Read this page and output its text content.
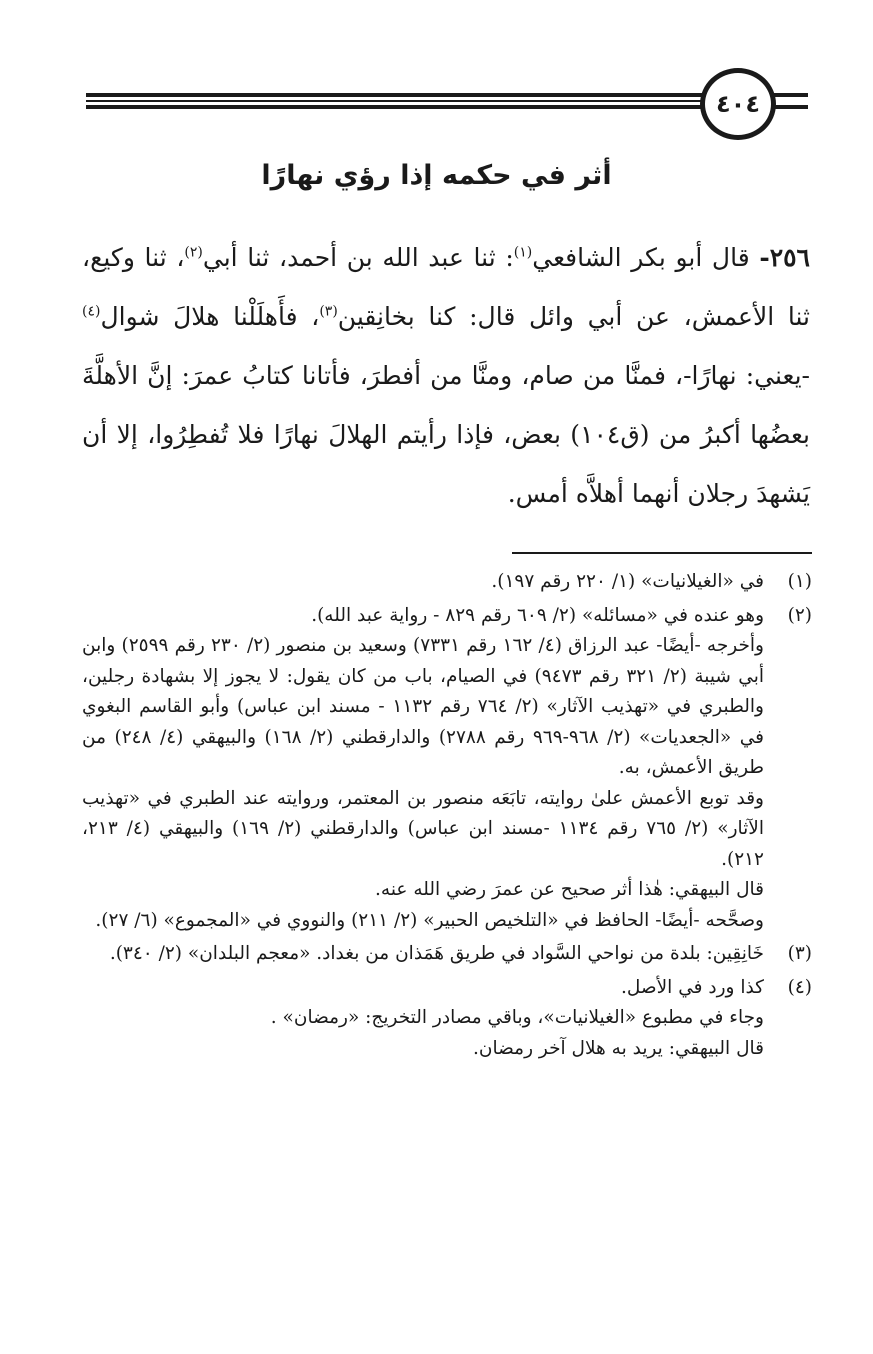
٤٠٤
أثر في حكمه إذا رؤي نهارًا

٢٥٦- قال أبو بكر الشافعي$^{(١)}$: ثنا عبد الله بن أحمد، ثنا أبي$^{(٢)}$، ثنا وكيع، ثنا الأعمش، عن أبي وائل قال: كنا بخانِقين$^{(٣)}$، فأَهلَلْنا هلالَ شوال$^{(٤)}$ -يعني: نهارًا-، فمنَّا من صام، ومنَّا من أفطرَ، فأتانا كتابُ عمرَ: إنَّ الأهلَّةَ بعضُها أكبرُ من (ق١٠٤) بعض، فإذا رأيتم الهلالَ نهارًا فلا تُفطِرُوا، إلا أن يَشهدَ رجلان أنهما أهلاَّه أمس.

(١)
في «الغيلانيات» (١/ ٢٢٠ رقم ١٩٧).
(٢)
وهو عنده في «مسائله» (٢/ ٦٠٩ رقم ٨٢٩ - رواية عبد الله).
وأخرجه -أيضًا- عبد الرزاق (٤/ ١٦٢ رقم ٧٣٣١) وسعيد بن منصور (٢/ ٢٣٠ رقم ٢٥٩٩) وابن أبي شيبة (٢/ ٣٢١ رقم ٩٤٧٣) في الصيام، باب من كان يقول: لا يجوز إلا بشهادة رجلين، والطبري في «تهذيب الآثار» (٢/ ٧٦٤ رقم ١١٣٢ - مسند ابن عباس) وأبو القاسم البغوي في «الجعديات» (٢/ ٩٦٨-٩٦٩ رقم ٢٧٨٨) والدارقطني (٢/ ١٦٨) والبيهقي (٤/ ٢٤٨) من طريق الأعمش، به.
وقد توبع الأعمش علىٰ روايته، تابَعَه منصور بن المعتمر، وروايته عند الطبري في «تهذيب الآثار» (٢/ ٧٦٥ رقم ١١٣٤ -مسند ابن عباس) والدارقطني (٢/ ١٦٩) والبيهقي (٤/ ٢١٣، ٢١٢).
قال البيهقي: هٰذا أثر صحيح عن عمرَ رضي الله عنه.
وصحَّحه -أيضًا- الحافظ في «التلخيص الحبير» (٢/ ٢١١) والنووي في «المجموع» (٦/ ٢٧).
(٣)
خَانِقِين: بلدة من نواحي السَّواد في طريق هَمَذان من بغداد. «معجم البلدان» (٢/ ٣٤٠).
(٤)
كذا ورد في الأصل.
وجاء في مطبوع «الغيلانيات»، وباقي مصادر التخريج: «رمضان» .
قال البيهقي: يريد به هلال آخر رمضان.
